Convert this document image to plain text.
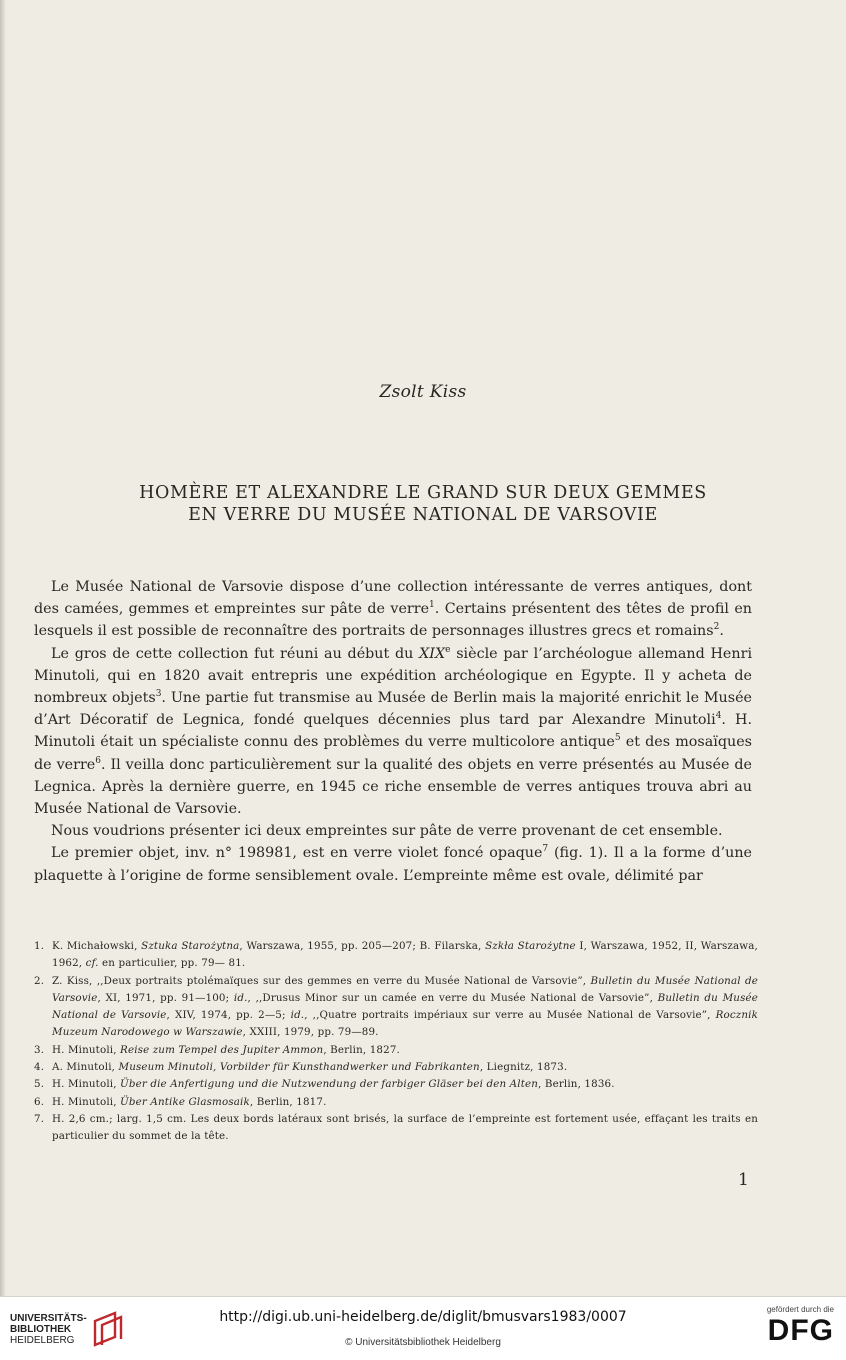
Zsolt Kiss
HOMÈRE ET ALEXANDRE LE GRAND SUR DEUX GEMMES
EN VERRE DU MUSÉE NATIONAL DE VARSOVIE

Le Musée National de Varsovie dispose d’une collection intéressante de verres antiques, dont des camées, gemmes et empreintes sur pâte de verre$^1$. Certains présentent des têtes de profil en lesquels il est possible de reconnaître des portraits de personnages illustres grecs et romains$^2$.

Le gros de cette collection fut réuni au début du XIXe siècle par l’archéologue allemand Henri Minutoli, qui en 1820 avait entrepris une expédition archéologique en Egypte. Il y acheta de nombreux objets$^3$. Une partie fut transmise au Musée de Berlin mais la majorité enrichit le Musée d’Art Décoratif de Legnica, fondé quelques décennies plus tard par Alexandre Minutoli$^4$. H. Minutoli était un spécialiste connu des problèmes du verre multicolore antique$^5$ et des mosaïques de verre$^6$. Il veilla donc particulièrement sur la qualité des objets en verre présentés au Musée de Legnica. Après la dernière guerre, en 1945 ce riche ensemble de verres antiques trouva abri au Musée National de Varsovie.

Nous voudrions présenter ici deux empreintes sur pâte de verre provenant de cet ensemble.

Le premier objet, inv. n° 198981, est en verre violet foncé opaque$^7$ (fig. 1). Il a la forme d’une plaquette à l’origine de forme sensiblement ovale. L’empreinte même est ovale, délimité par

1. K. Michałowski, Sztuka Starożytna, Warszawa, 1955, pp. 205—207; B. Filarska, Szkła Starożytne I, Warszawa, 1952, II, Warszawa, 1962, cf. en particulier, pp. 79— 81.
2. Z. Kiss, ,,Deux portraits ptolémaïques sur des gemmes en verre du Musée National de Varsovie”, Bulletin du Musée National de Varsovie, XI, 1971, pp. 91—100; id., ,,Drusus Minor sur un camée en verre du Musée National de Varsovie”, Bulletin du Musée National de Varsovie, XIV, 1974, pp. 2—5; id., ,,Quatre portraits impériaux sur verre au Musée National de Varsovie”, Rocznik Muzeum Narodowego w Warszawie, XXIII, 1979, pp. 79—89.
3. H. Minutoli, Reise zum Tempel des Jupiter Ammon, Berlin, 1827.
4. A. Minutoli, Museum Minutoli, Vorbilder für Kunsthandwerker und Fabrikanten, Liegnitz, 1873.
5. H. Minutoli, Über die Anfertigung und die Nutzwendung der farbiger Gläser bei den Alten, Berlin, 1836.
6. H. Minutoli, Über Antike Glasmosaik, Berlin, 1817.
7. H. 2,6 cm.; larg. 1,5 cm. Les deux bords latéraux sont brisés, la surface de l’empreinte est fortement usée, effaçant les traits en particulier du sommet de la tête.
1
UNIVERSITÄTS-
BIBLIOTHEK
HEIDELBERG
http://digi.ub.uni-heidelberg.de/diglit/bmusvars1983/0007
© Universitätsbibliothek Heidelberg
gefördert durch die
DFG
